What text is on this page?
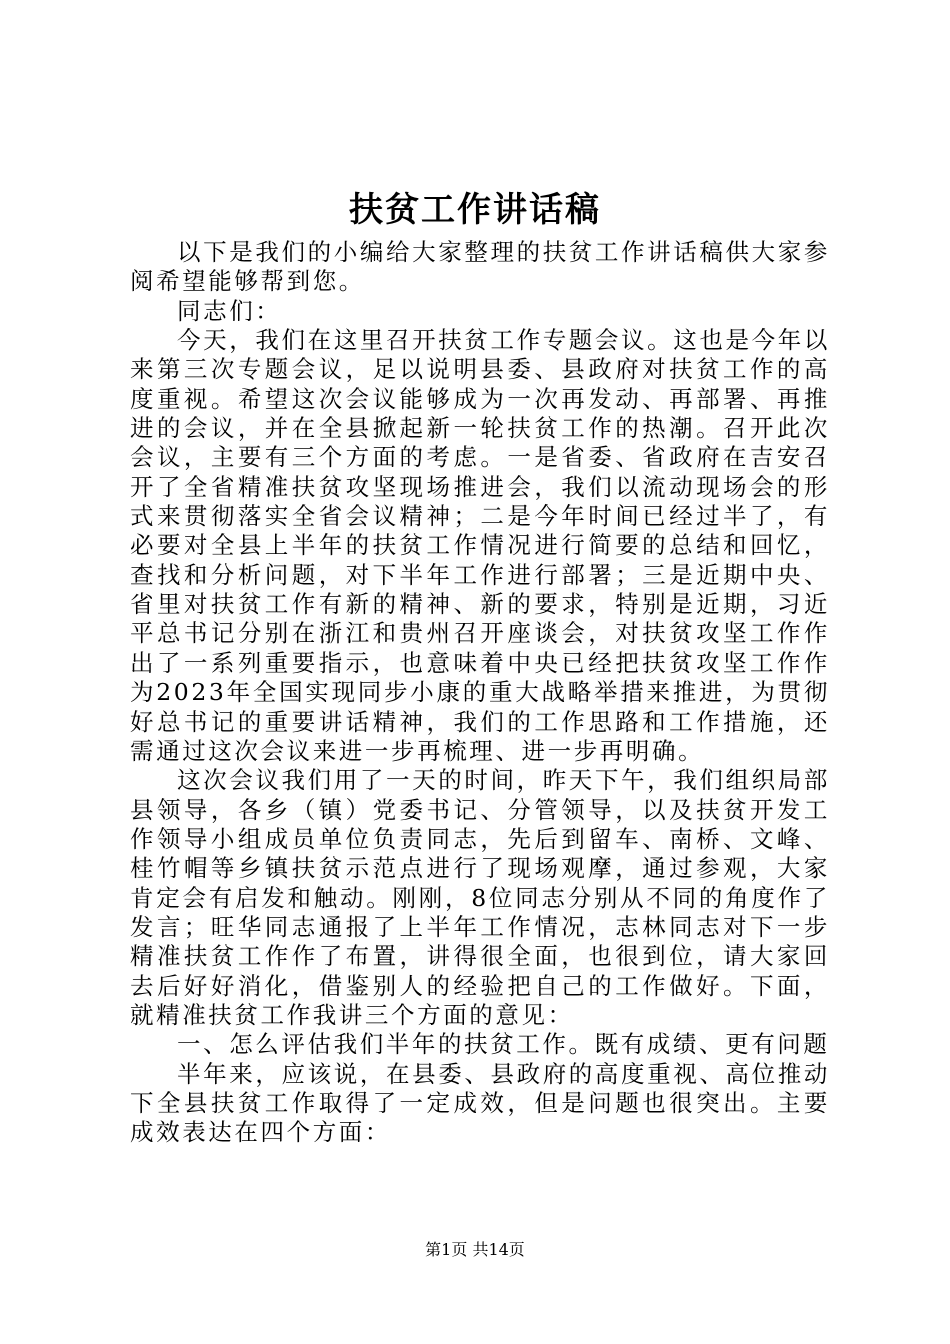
扶贫工作讲话稿

以下是我们的小编给大家整理的扶贫工作讲话稿供大家参阅希望能够帮到您。

同志们：

今天，我们在这里召开扶贫工作专题会议。这也是今年以来第三次专题会议，足以说明县委、县政府对扶贫工作的高度重视。希望这次会议能够成为一次再发动、再部署、再推进的会议，并在全县掀起新一轮扶贫工作的热潮。召开此次会议，主要有三个方面的考虑。一是省委、省政府在吉安召开了全省精准扶贫攻坚现场推进会，我们以流动现场会的形式来贯彻落实全省会议精神；二是今年时间已经过半了，有必要对全县上半年的扶贫工作情况进行简要的总结和回忆，查找和分析问题，对下半年工作进行部署；三是近期中央、省里对扶贫工作有新的精神、新的要求，特别是近期，习近平总书记分别在浙江和贵州召开座谈会，对扶贫攻坚工作作出了一系列重要指示，也意味着中央已经把扶贫攻坚工作作为2023年全国实现同步小康的重大战略举措来推进，为贯彻好总书记的重要讲话精神，我们的工作思路和工作措施，还需通过这次会议来进一步再梳理、进一步再明确。

这次会议我们用了一天的时间，昨天下午，我们组织局部县领导，各乡（镇）党委书记、分管领导，以及扶贫开发工作领导小组成员单位负责同志，先后到留车、南桥、文峰、桂竹帽等乡镇扶贫示范点进行了现场观摩，通过参观，大家肯定会有启发和触动。刚刚，8位同志分别从不同的角度作了发言；旺华同志通报了上半年工作情况，志林同志对下一步精准扶贫工作作了布置，讲得很全面，也很到位，请大家回去后好好消化，借鉴别人的经验把自己的工作做好。下面，就精准扶贫工作我讲三个方面的意见：

一、怎么评估我们半年的扶贫工作。既有成绩、更有问题

半年来，应该说，在县委、县政府的高度重视、高位推动下全县扶贫工作取得了一定成效，但是问题也很突出。主要成效表达在四个方面：

第1页 共14页
